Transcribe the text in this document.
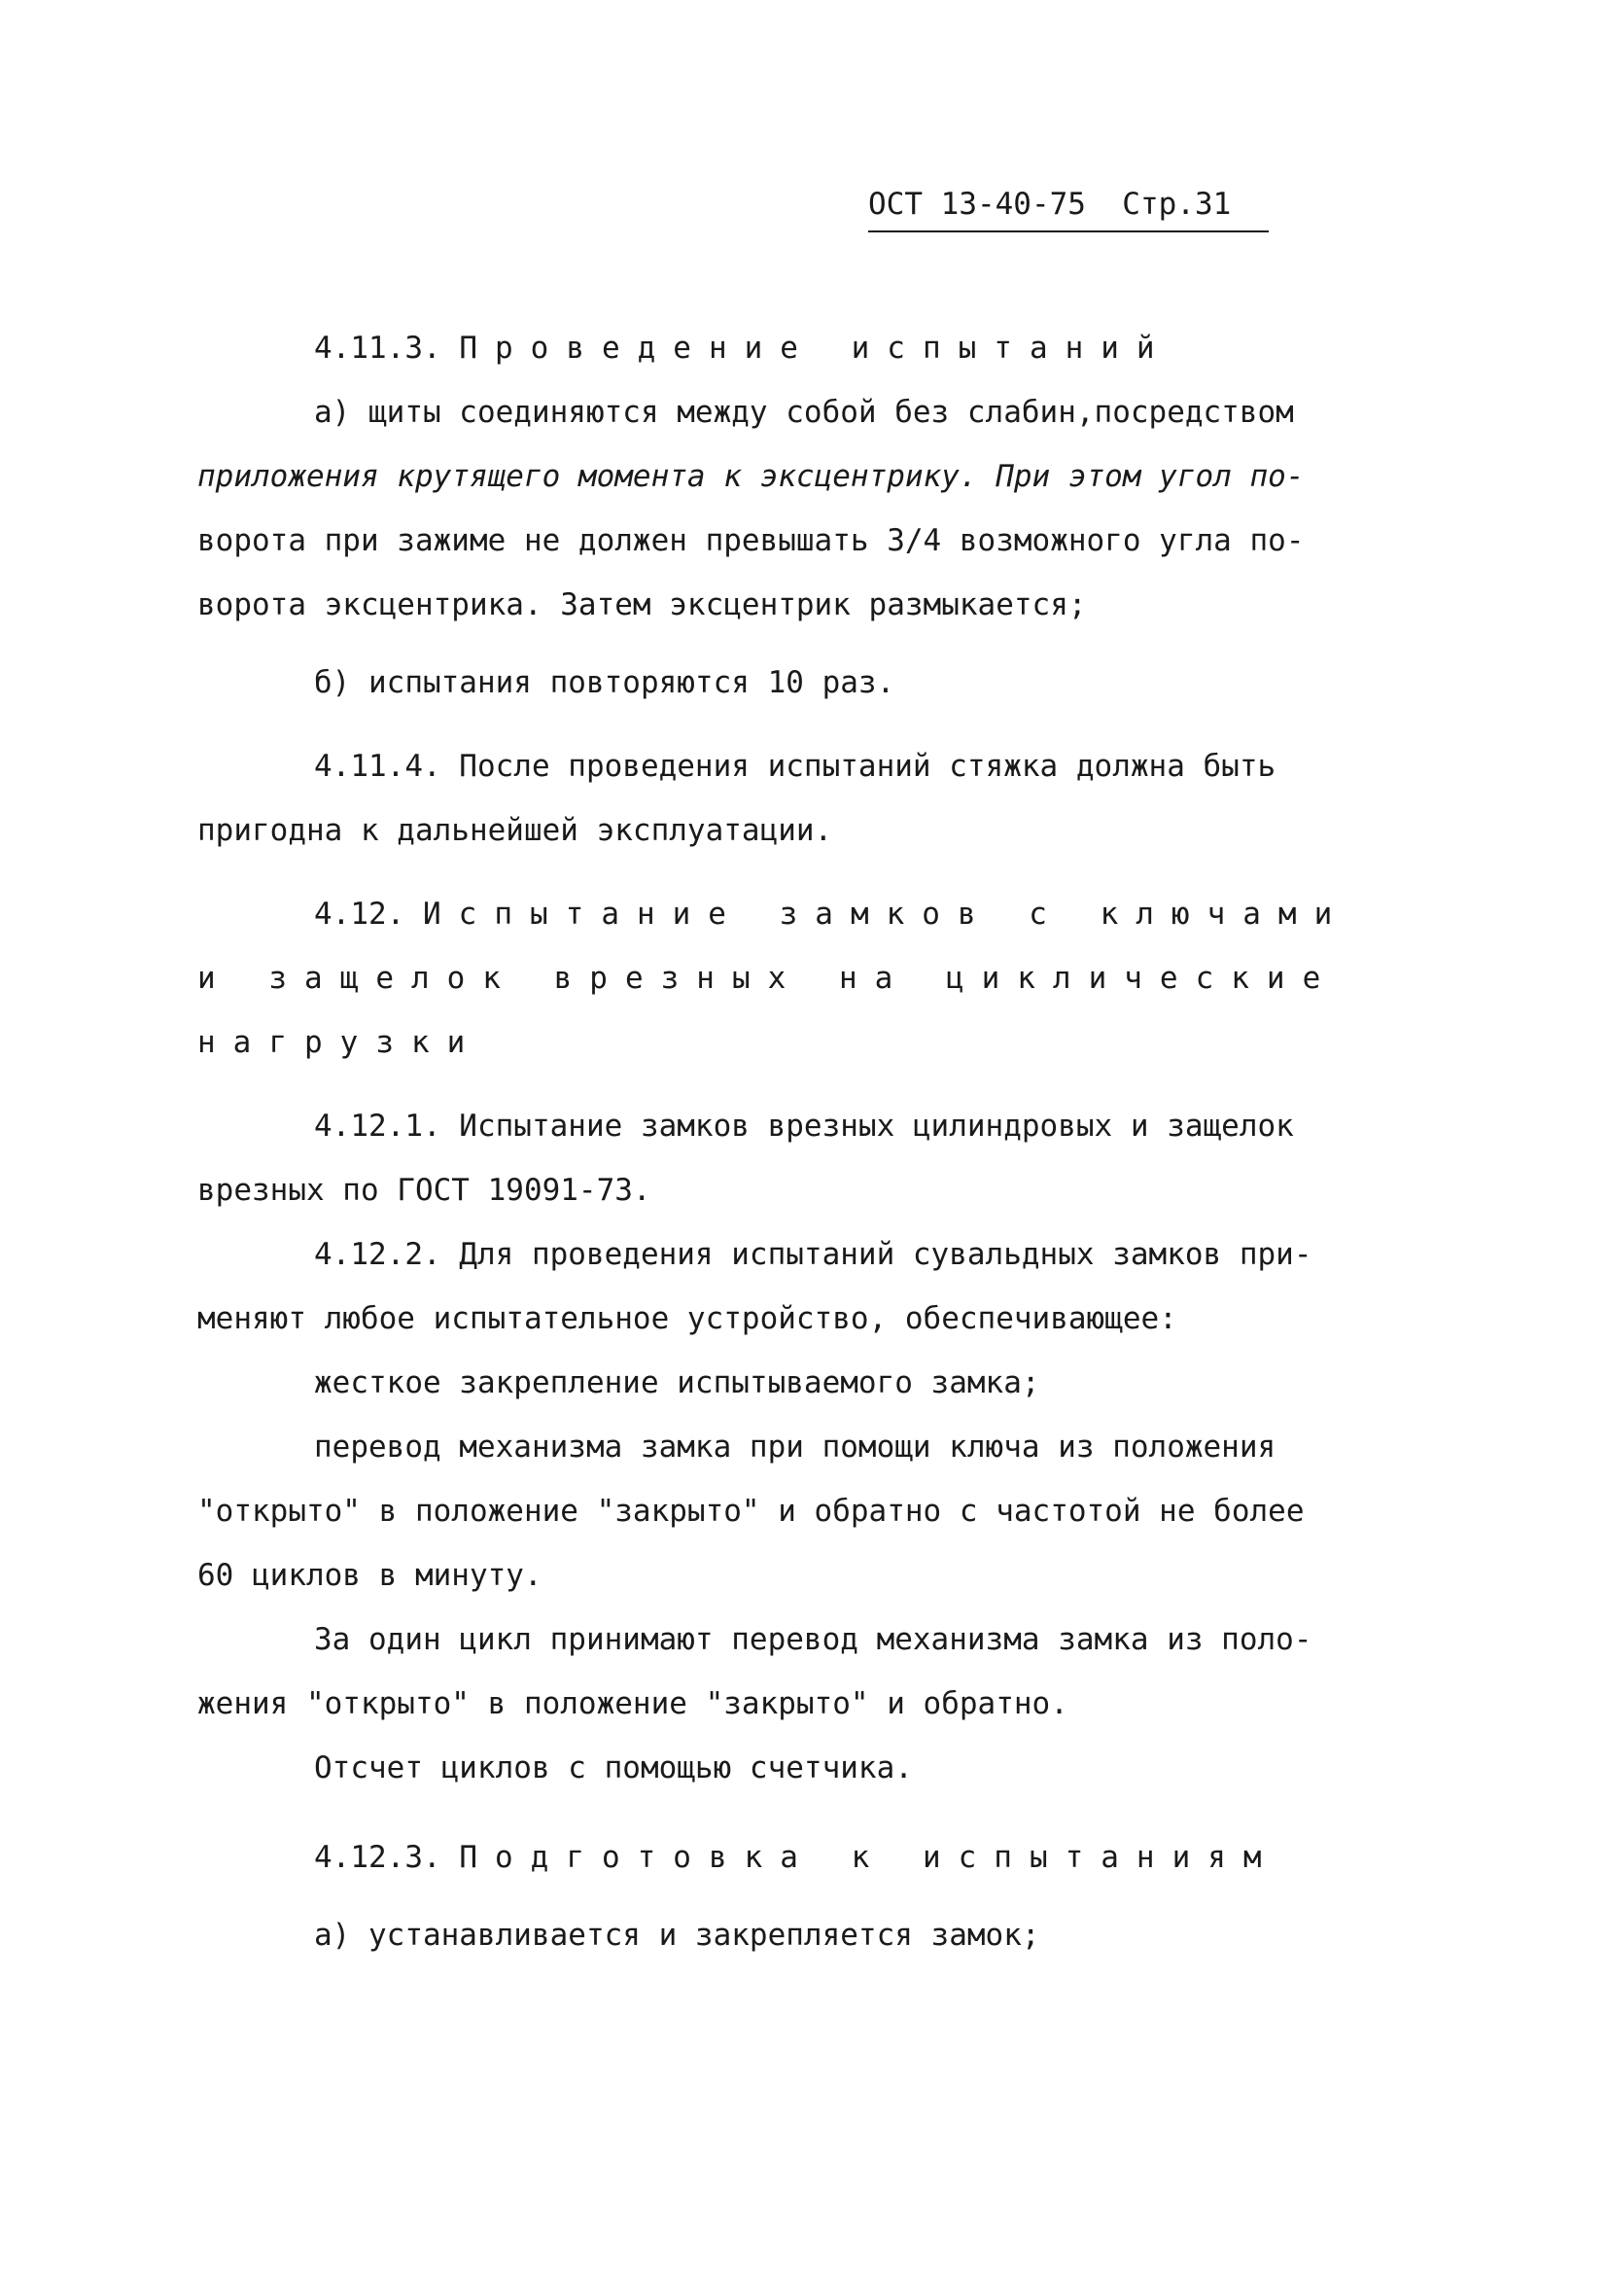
ОСТ 13-40-75 Стр.31

4.11.3. Проведение испытаний

а) щиты соединяются между собой без слабин,посредством

приложения крутящего момента к эксцентрику. При этом угол по-

ворота при зажиме не должен превышать 3/4 возможного угла по-

ворота эксцентрика. Затем эксцентрик размыкается;

б) испытания повторяются 10 раз.

4.11.4. После проведения испытаний стяжка должна быть

пригодна к дальнейшей эксплуатации.

4.12. Испытание замков с ключами

и защелок врезных на циклические

нагрузки

4.12.1. Испытание замков врезных цилиндровых и защелок

врезных по ГОСТ 19091-73.

4.12.2. Для проведения испытаний сувальдных замков при-

меняют любое испытательное устройство, обеспечивающее:

жесткое закрепление испытываемого замка;

перевод механизма замка при помощи ключа из положения

"открыто" в положение "закрыто" и обратно с частотой не более

60 циклов в минуту.

За один цикл принимают перевод механизма замка из поло-

жения "открыто" в положение "закрыто" и обратно.

Отсчет циклов с помощью счетчика.

4.12.3. Подготовка к испытаниям

а) устанавливается и закрепляется замок;
